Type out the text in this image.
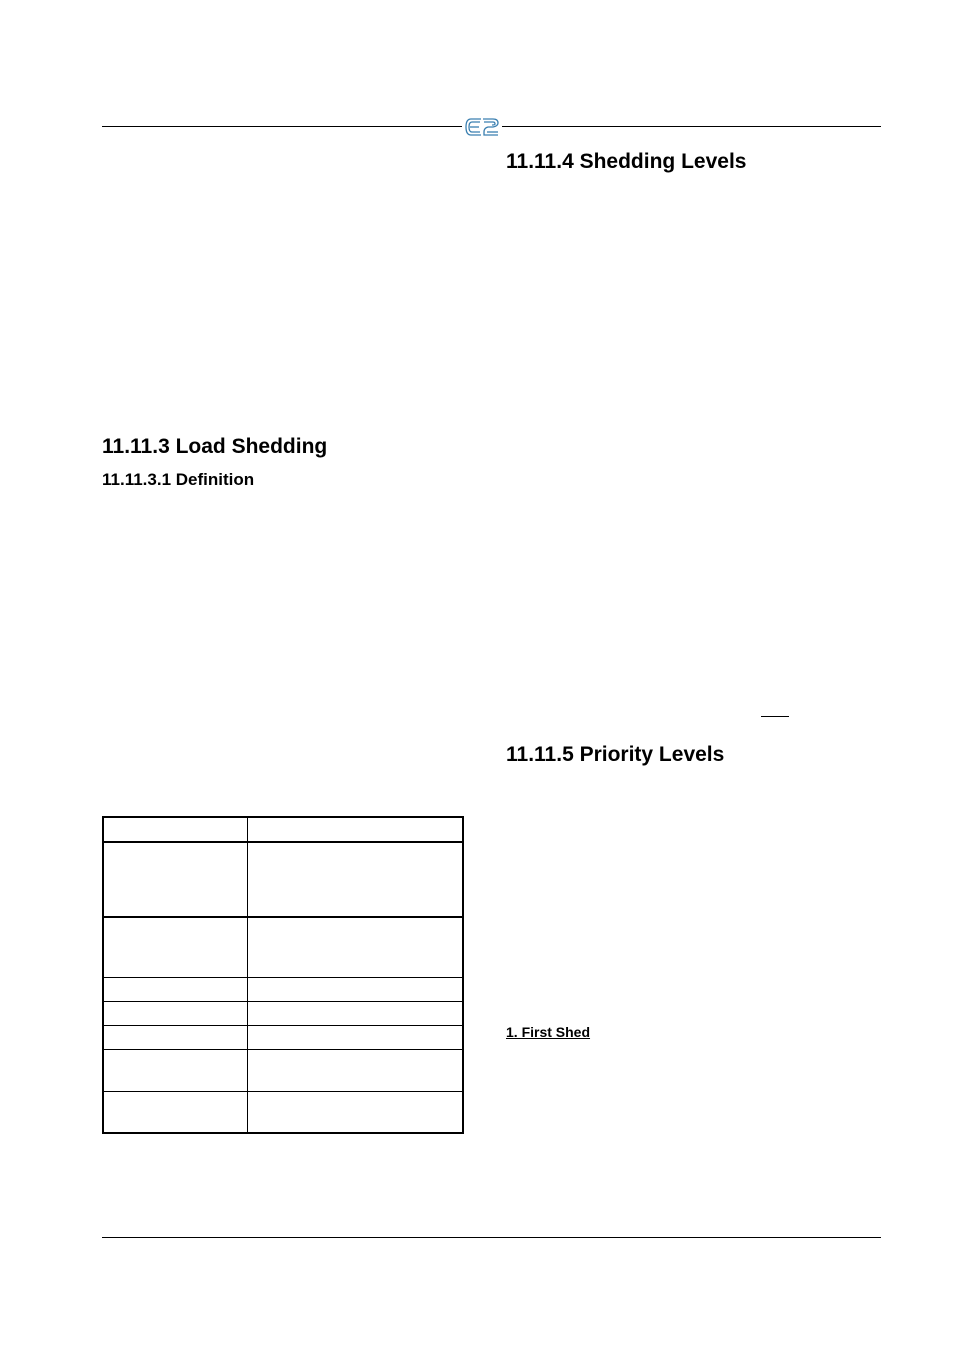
11.11.4 Shedding Levels
11.11.3 Load Shedding
11.11.3.1 Definition
11.11.5 Priority Levels
1. First Shed
